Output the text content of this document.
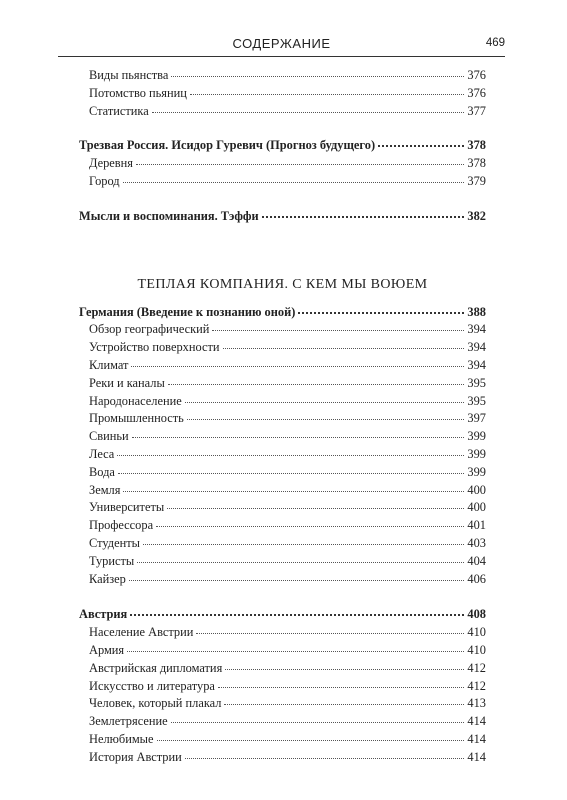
СОДЕРЖАНИЕ	469
Виды пьянства	376
Потомство пьяниц	376
Статистика	377
Трезвая Россия. Исидор Гуревич (Прогноз будущего)	378
Деревня	378
Город	379
Мысли и воспоминания. Тэффи	382
ТЕПЛАЯ КОМПАНИЯ. С КЕМ МЫ ВОЮЕМ
Германия (Введение к познанию оной)	388
Обзор географический	394
Устройство поверхности	394
Климат	394
Реки и каналы	395
Народонаселение	395
Промышленность	397
Свиньи	399
Леса	399
Вода	399
Земля	400
Университеты	400
Профессора	401
Студенты	403
Туристы	404
Кайзер	406
Австрия	408
Население Австрии	410
Армия	410
Австрийская дипломатия	412
Искусство и литература	412
Человек, который плакал	413
Землетрясение	414
Нелюбимые	414
История Австрии	414
